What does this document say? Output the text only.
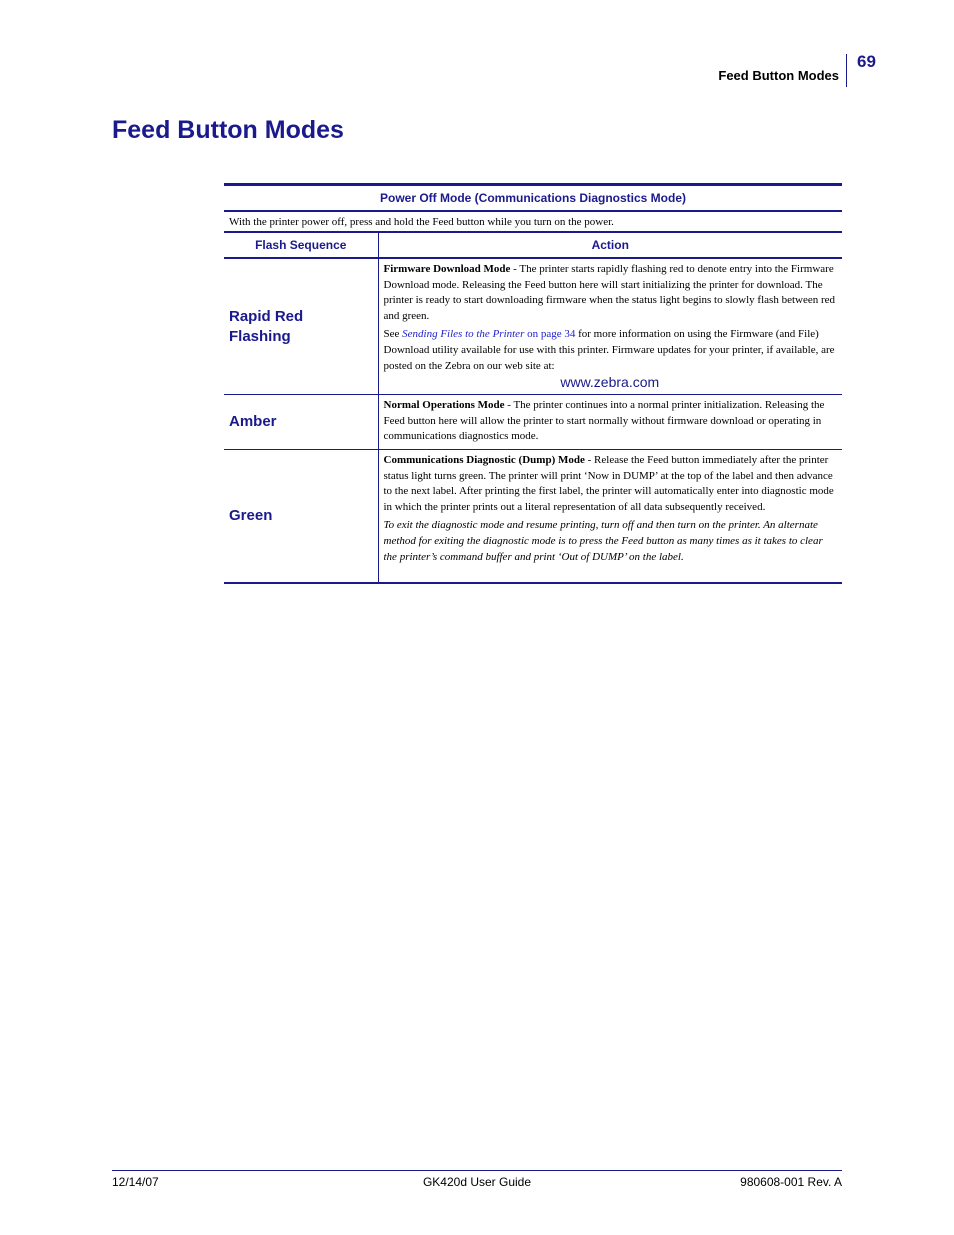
Feed Button Modes
69
Feed Button Modes
Power Off Mode (Communications Diagnostics Mode)	
With the printer power off, press and hold the Feed button while you turn on the power.	
Flash Sequence	Action

Rapid Red Flashing	Firmware Download Mode - The printer starts rapidly flashing red to denote entry into the Firmware Download mode. Releasing the Feed button here will start initializing the printer for download. The printer is ready to start downloading firmware when the status light begins to slowly flash between red and green.

See Sending Files to the Printer on page 34 for more information on using the Firmware (and File) Download utility available for use with this printer. Firmware updates for your printer, if available, are posted on the Zebra on our web site at:

www.zebra.com

Amber	Normal Operations Mode - The printer continues into a normal printer initialization. Releasing the Feed button here will allow the printer to start normally without firmware download or operating in communications diagnostics mode.

Green	Communications Diagnostic (Dump) Mode - Release the Feed button immediately after the printer status light turns green. The printer will print ‘Now in DUMP’ at the top of the label and then advance to the next label. After printing the first label, the printer will automatically enter into diagnostic mode in which the printer prints out a literal representation of all data subsequently received.

To exit the diagnostic mode and resume printing, turn off and then turn on the printer. An alternate method for exiting the diagnostic mode is to press the Feed button as many times as it takes to clear the printer’s command buffer and print ‘Out of DUMP’ on the label.

12/14/07	GK420d User Guide	980608-001 Rev. A
